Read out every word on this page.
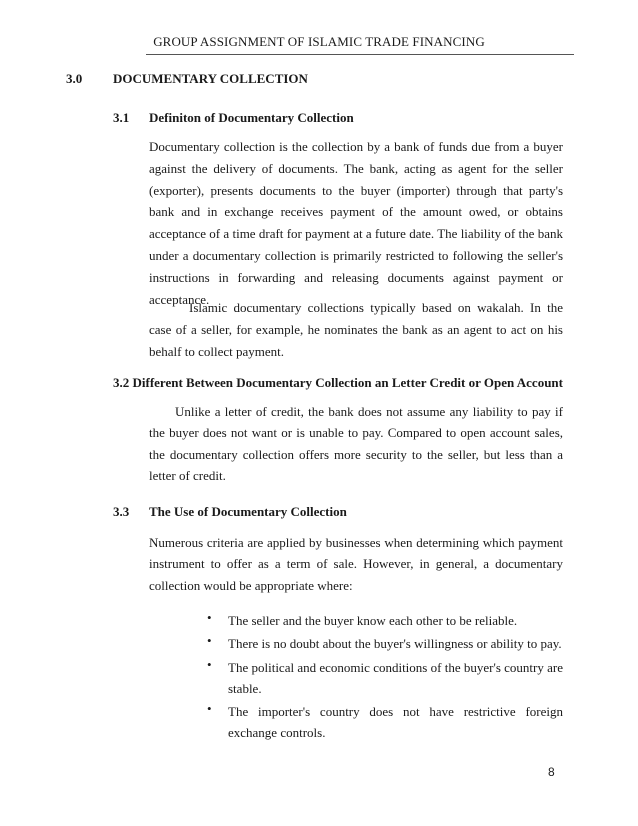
GROUP ASSIGNMENT OF ISLAMIC TRADE FINANCING
3.0 DOCUMENTARY COLLECTION
3.1 Definiton of Documentary Collection
Documentary collection is the collection by a bank of funds due from a buyer against the delivery of documents. The bank, acting as agent for the seller (exporter), presents documents to the buyer (importer) through that party's bank and in exchange receives payment of the amount owed, or obtains acceptance of a time draft for payment at a future date. The liability of the bank under a documentary collection is primarily restricted to following the seller's instructions in forwarding and releasing documents against payment or acceptance.
Islamic documentary collections typically based on wakalah. In the case of a seller, for example, he nominates the bank as an agent to act on his behalf to collect payment.
3.2 Different Between Documentary Collection an Letter Credit or Open Account
Unlike a letter of credit, the bank does not assume any liability to pay if the buyer does not want or is unable to pay. Compared to open account sales, the documentary collection offers more security to the seller, but less than a letter of credit.
3.3 The Use of Documentary Collection
Numerous criteria are applied by businesses when determining which payment instrument to offer as a term of sale. However, in general, a documentary collection would be appropriate where:
• The seller and the buyer know each other to be reliable.
• There is no doubt about the buyer's willingness or ability to pay.
• The political and economic conditions of the buyer's country are stable.
• The importer's country does not have restrictive foreign exchange controls.
8
